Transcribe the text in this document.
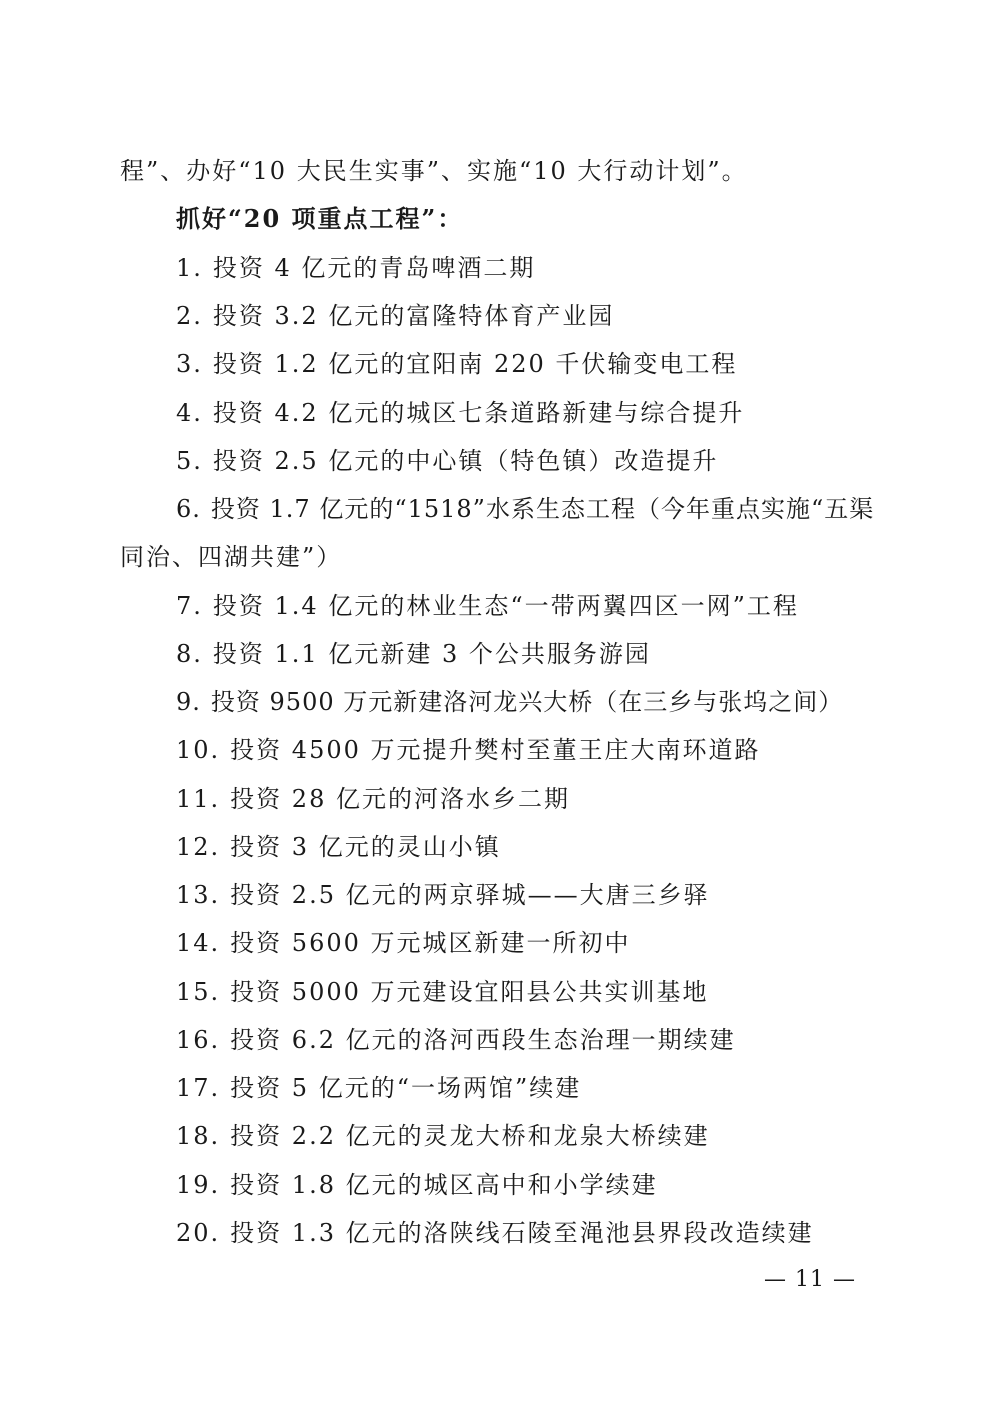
程”、办好“10 大民生实事”、实施“10 大行动计划”。
抓好“20 项重点工程”：
1. 投资 4 亿元的青岛啤酒二期
2. 投资 3.2 亿元的富隆特体育产业园
3. 投资 1.2 亿元的宜阳南 220 千伏输变电工程
4. 投资 4.2 亿元的城区七条道路新建与综合提升
5. 投资 2.5 亿元的中心镇（特色镇）改造提升
6. 投资 1.7 亿元的“1518”水系生态工程（今年重点实施“五渠
同治、四湖共建”）
7. 投资 1.4 亿元的林业生态“一带两翼四区一网”工程
8. 投资 1.1 亿元新建 3 个公共服务游园
9. 投资 9500 万元新建洛河龙兴大桥（在三乡与张坞之间）
10. 投资 4500 万元提升樊村至董王庄大南环道路
11. 投资 28 亿元的河洛水乡二期
12. 投资 3 亿元的灵山小镇
13. 投资 2.5 亿元的两京驿城——大唐三乡驿
14. 投资 5600 万元城区新建一所初中
15. 投资 5000 万元建设宜阳县公共实训基地
16. 投资 6.2 亿元的洛河西段生态治理一期续建
17. 投资 5 亿元的“一场两馆”续建
18. 投资 2.2 亿元的灵龙大桥和龙泉大桥续建
19. 投资 1.8 亿元的城区高中和小学续建
20. 投资 1.3 亿元的洛陕线石陵至渑池县界段改造续建
— 11 —
